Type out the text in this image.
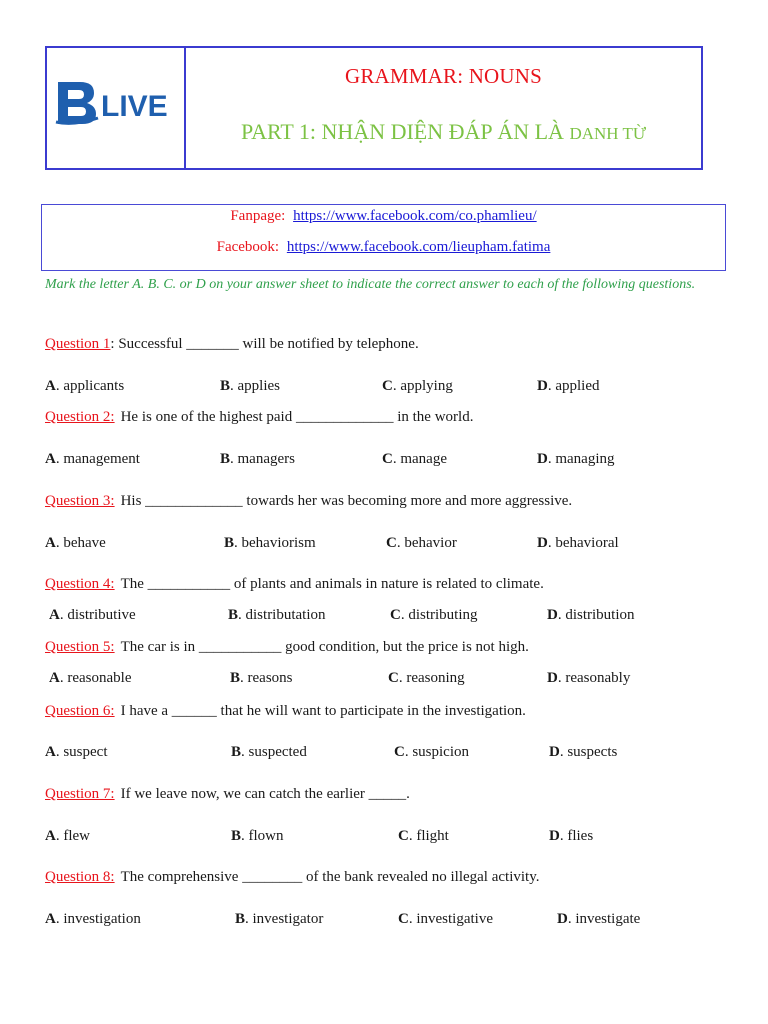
LIVE
GRAMMAR: NOUNS
PART 1: NHẬN DIỆN ĐÁP ÁN LÀ DANH TỪ
Fanpage: https://www.facebook.com/co.phamlieu/
Facebook: https://www.facebook.com/lieupham.fatima
Mark the letter A. B. C. or D on your answer sheet to indicate the correct answer to each of the following questions.
Question 1: Successful _______ will be notified by telephone.
A. applicants	B. applies	C. applying	D. applied
Question 2: He is one of the highest paid _____________ in the world.
A. management	B. managers	C. manage	D. managing
Question 3: His _____________ towards her was becoming more and more aggressive.
A. behave	B. behaviorism	C. behavior	D. behavioral
Question 4: The ___________ of plants and animals in nature is related to climate.
A. distributive	B. distributation	C. distributing	D. distribution
Question 5: The car is in ___________ good condition, but the price is not high.
A. reasonable	B. reasons	C. reasoning	D. reasonably
Question 6: I have a ______ that he will want to participate in the investigation.
A. suspect	B. suspected	C. suspicion	D. suspects
Question 7: If we leave now, we can catch the earlier _____.
A. flew	B. flown	C. flight	D. flies
Question 8: The comprehensive ________ of the bank revealed no illegal activity.
A. investigation	B. investigator	C. investigative	D. investigate
